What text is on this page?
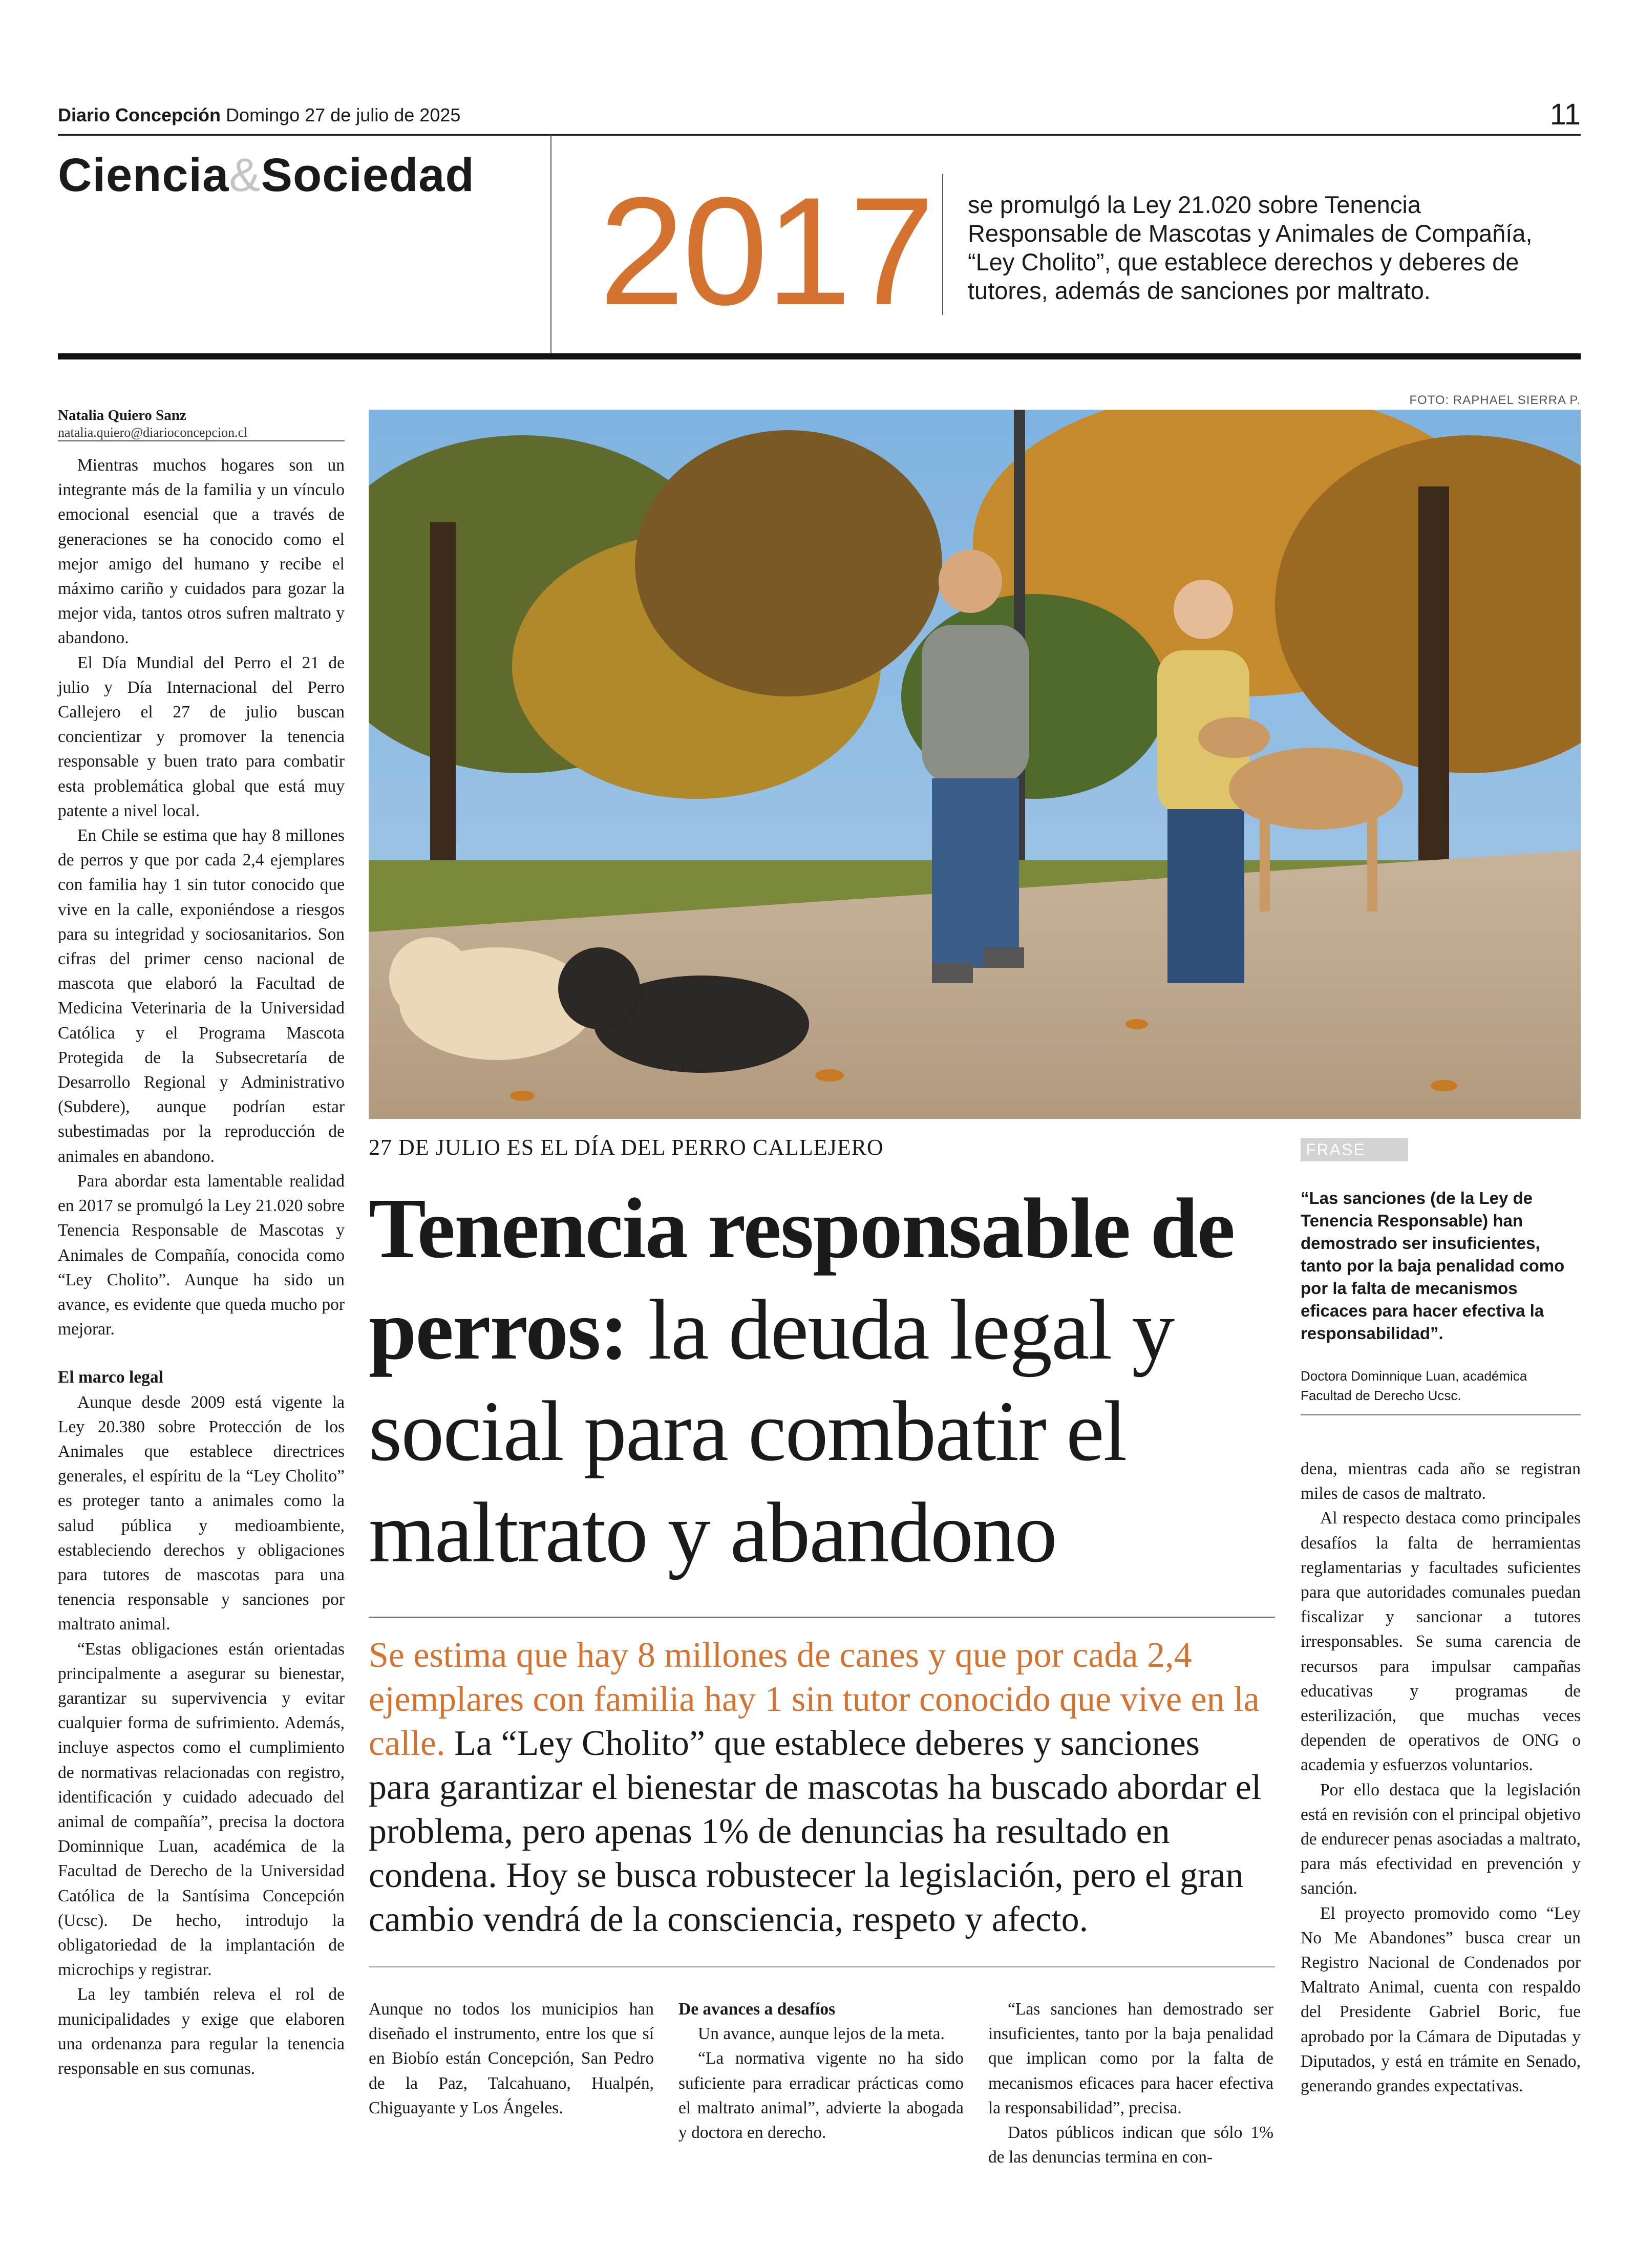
Diario Concepción Domingo 27 de julio de 2025	11
Ciencia&Sociedad 2017 se promulgó la Ley 21.020 sobre Tenencia Responsable de Mascotas y Animales de Compañía, “Ley Cholito”, que establece derechos y deberes de tutores, además de sanciones por maltrato.
FOTO: RAPHAEL SIERRA P.
Natalia Quiero Sanz
natalia.quiero@diarioconcepcion.cl

Mientras muchos hogares son un integrante más de la familia y un vínculo emocional esencial que a través de generaciones se ha conocido como el mejor amigo del humano y recibe el máximo cariño y cuidados para gozar la mejor vida, tantos otros sufren maltrato y abandono.

El Día Mundial del Perro el 21 de julio y Día Internacional del Perro Callejero el 27 de julio buscan concientizar y promover la tenencia responsable y buen trato para combatir esta problemática global que está muy patente a nivel local.

En Chile se estima que hay 8 millones de perros y que por cada 2,4 ejemplares con familia hay 1 sin tutor conocido que vive en la calle, exponiéndose a riesgos para su integridad y sociosanitarios. Son cifras del primer censo nacional de mascota que elaboró la Facultad de Medicina Veterinaria de la Universidad Católica y el Programa Mascota Protegida de la Subsecretaría de Desarrollo Regional y Administrativo (Subdere), aunque podrían estar subestimadas por la reproducción de animales en abandono.

Para abordar esta lamentable realidad en 2017 se promulgó la Ley 21.020 sobre Tenencia Responsable de Mascotas y Animales de Compañía, conocida como “Ley Cholito”. Aunque ha sido un avance, es evidente que queda mucho por mejorar.

El marco legal

Aunque desde 2009 está vigente la Ley 20.380 sobre Protección de los Animales que establece directrices generales, el espíritu de la “Ley Cholito” es proteger tanto a animales como la salud pública y medioambiente, estableciendo derechos y obligaciones para tutores de mascotas para una tenencia responsable y sanciones por maltrato animal.

“Estas obligaciones están orientadas principalmente a asegurar su bienestar, garantizar su supervivencia y evitar cualquier forma de sufrimiento. Además, incluye aspectos como el cumplimiento de normativas relacionadas con registro, identificación y cuidado adecuado del animal de compañía”, precisa la doctora Dominnique Luan, académica de la Facultad de Derecho de la Universidad Católica de la Santísima Concepción (Ucsc). De hecho, introdujo la obligatoriedad de la implantación de microchips y registrar.

La ley también releva el rol de municipalidades y exige que elaboren una ordenanza para regular la tenencia responsable en sus comunas.

27 DE JULIO ES EL DÍA DEL PERRO CALLEJERO
Tenencia responsable de perros: la deuda legal y social para combatir el maltrato y abandono
Se estima que hay 8 millones de canes y que por cada 2,4 ejemplares con familia hay 1 sin tutor conocido que vive en la calle. La “Ley Cholito” que establece deberes y sanciones para garantizar el bienestar de mascotas ha buscado abordar el problema, pero apenas 1% de denuncias ha resultado en condena. Hoy se busca robustecer la legislación, pero el gran cambio vendrá de la consciencia, respeto y afecto.

Aunque no todos los municipios han diseñado el instrumento, entre los que sí en Biobío están Concepción, San Pedro de la Paz, Talcahuano, Hualpén, Chiguayante y Los Ángeles.

De avances a desafíos

Un avance, aunque lejos de la meta.

“La normativa vigente no ha sido suficiente para erradicar prácticas como el maltrato animal”, advierte la abogada y doctora en derecho.

“Las sanciones han demostrado ser insuficientes, tanto por la baja penalidad que implican como por la falta de mecanismos eficaces para hacer efectiva la responsabilidad”, precisa.

Datos públicos indican que sólo 1% de las denuncias termina en con-

FRASE
“Las sanciones (de la Ley de Tenencia Responsable) han demostrado ser insuficientes, tanto por la baja penalidad como por la falta de mecanismos eficaces para hacer efectiva la responsabilidad”.
Doctora Dominnique Luan, académica
Facultad de Derecho Ucsc.

dena, mientras cada año se registran miles de casos de maltrato.

Al respecto destaca como principales desafíos la falta de herramientas reglamentarias y facultades suficientes para que autoridades comunales puedan fiscalizar y sancionar a tutores irresponsables. Se suma carencia de recursos para impulsar campañas educativas y programas de esterilización, que muchas veces dependen de operativos de ONG o academia y esfuerzos voluntarios.

Por ello destaca que la legislación está en revisión con el principal objetivo de endurecer penas asociadas a maltrato, para más efectividad en prevención y sanción.

El proyecto promovido como “Ley No Me Abandones” busca crear un Registro Nacional de Condenados por Maltrato Animal, cuenta con respaldo del Presidente Gabriel Boric, fue aprobado por la Cámara de Diputadas y Diputados, y está en trámite en Senado, generando grandes expectativas.
